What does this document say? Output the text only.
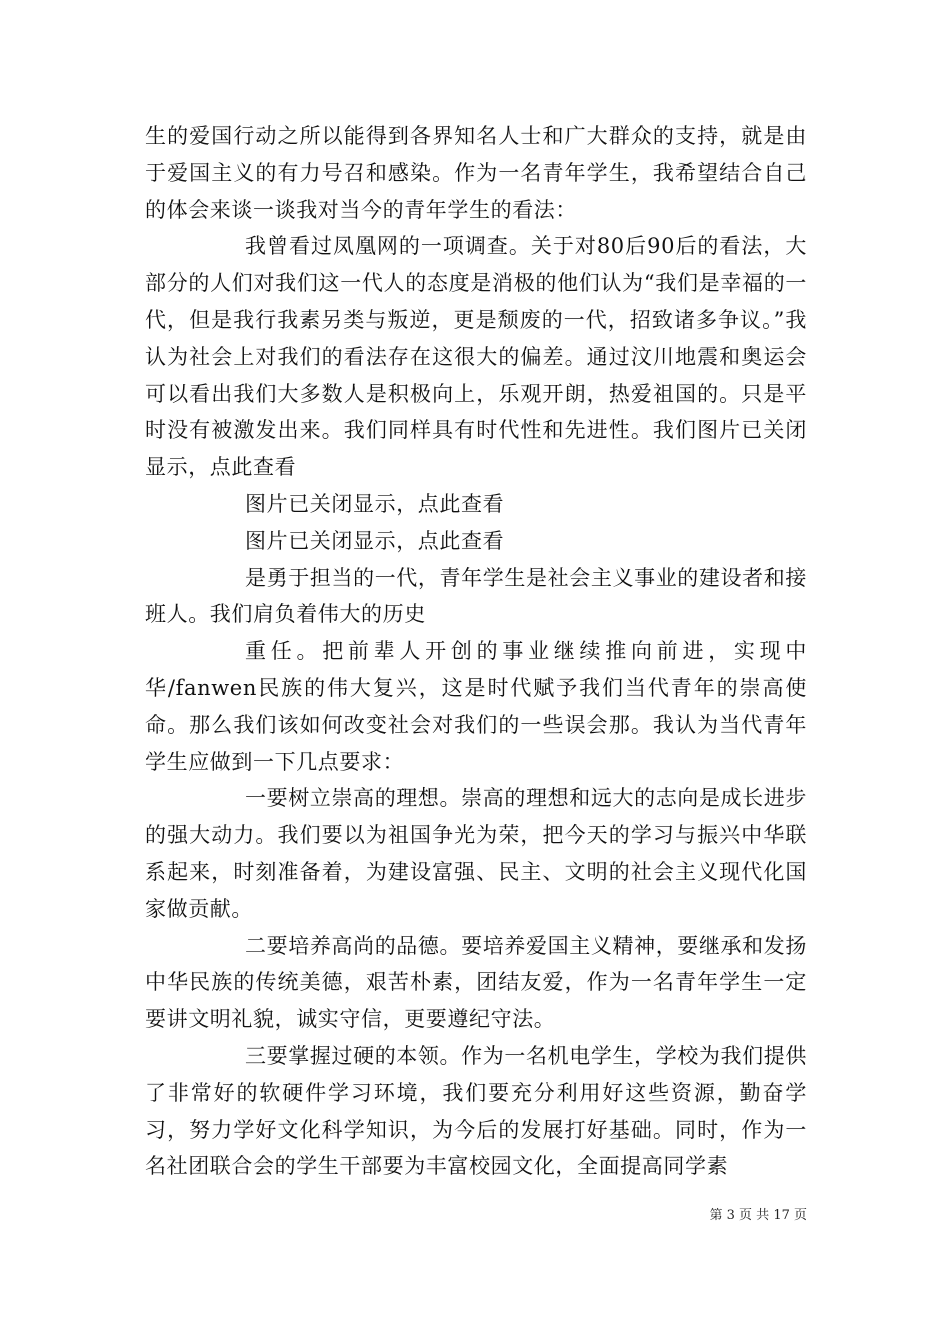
生的爱国行动之所以能得到各界知名人士和广大群众的支持，就是由于爱国主义的有力号召和感染。作为一名青年学生，我希望结合自己的体会来谈一谈我对当今的青年学生的看法：

我曾看过凤凰网的一项调查。关于对80后90后的看法，大部分的人们对我们这一代人的态度是消极的他们认为“我们是幸福的一代，但是我行我素另类与叛逆，更是颓废的一代，招致诸多争议。”我认为社会上对我们的看法存在这很大的偏差。通过汶川地震和奥运会可以看出我们大多数人是积极向上，乐观开朗，热爱祖国的。只是平时没有被激发出来。我们同样具有时代性和先进性。我们图片已关闭显示，点此查看

图片已关闭显示，点此查看

图片已关闭显示，点此查看

是勇于担当的一代，青年学生是社会主义事业的建设者和接班人。我们肩负着伟大的历史

重任。把前辈人开创的事业继续推向前进，实现中华/fanwen民族的伟大复兴，这是时代赋予我们当代青年的崇高使命。那么我们该如何改变社会对我们的一些误会那。我认为当代青年学生应做到一下几点要求：

一要树立崇高的理想。崇高的理想和远大的志向是成长进步的强大动力。我们要以为祖国争光为荣，把今天的学习与振兴中华联系起来，时刻准备着，为建设富强、民主、文明的社会主义现代化国家做贡献。

二要培养高尚的品德。要培养爱国主义精神，要继承和发扬中华民族的传统美德，艰苦朴素，团结友爱，作为一名青年学生一定要讲文明礼貌，诚实守信，更要遵纪守法。

三要掌握过硬的本领。作为一名机电学生，学校为我们提供了非常好的软硬件学习环境，我们要充分利用好这些资源，勤奋学习，努力学好文化科学知识，为今后的发展打好基础。同时，作为一名社团联合会的学生干部要为丰富校园文化，全面提高同学素

第 3 页 共 17 页
